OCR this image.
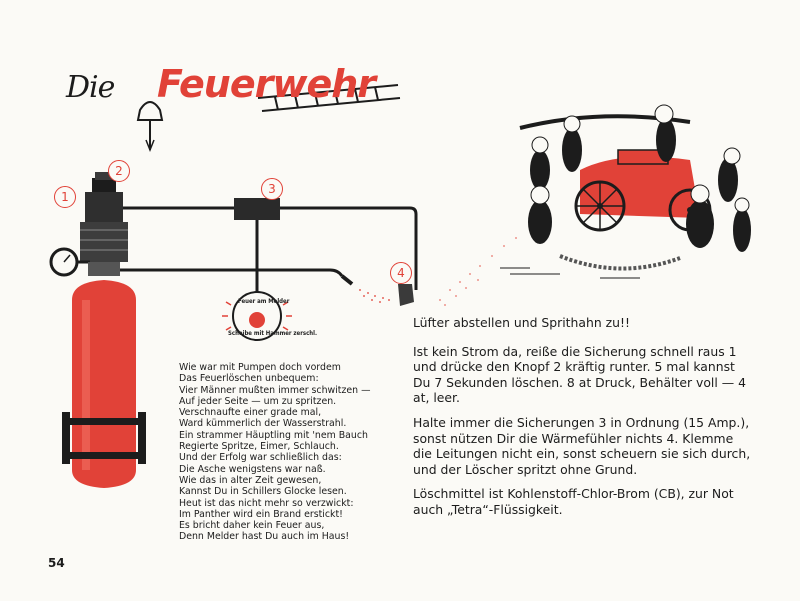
Die Feuerwehr
1
2
3
4
Feuer am Melder
Scheibe mit Hammer zerschl.
Wie war mit Pumpen doch vordem
Das Feuerlöschen unbequem:
Vier Männer mußten immer schwitzen —
Auf jeder Seite — um zu spritzen.
Verschnaufte einer grade mal,
Ward kümmerlich der Wasserstrahl.
Ein strammer Häuptling mit 'nem Bauch
Regierte Spritze, Eimer, Schlauch.
Und der Erfolg war schließlich das:
Die Asche wenigstens war naß.
Wie das in alter Zeit gewesen,
Kannst Du in Schillers Glocke lesen.
Heut ist das nicht mehr so verzwickt:
Im Panther wird ein Brand erstickt!
Es bricht daher kein Feuer aus,
Denn Melder hast Du auch im Haus!

Lüfter abstellen und Sprithahn zu!!

Ist kein Strom da, reiße die Sicherung schnell raus 1 und drücke den Knopf 2 kräftig runter. 5 mal kannst Du 7 Sekunden löschen. 8 at Druck, Behälter voll — 4 at, leer.

Halte immer die Sicherungen 3 in Ordnung (15 Amp.), sonst nützen Dir die Wärmefühler nichts 4. Klemme die Leitungen nicht ein, sonst scheuern sie sich durch, und der Löscher spritzt ohne Grund.

Löschmittel ist Kohlenstoff-Chlor-Brom (CB), zur Not auch „Tetra“-Flüssigkeit.

54
